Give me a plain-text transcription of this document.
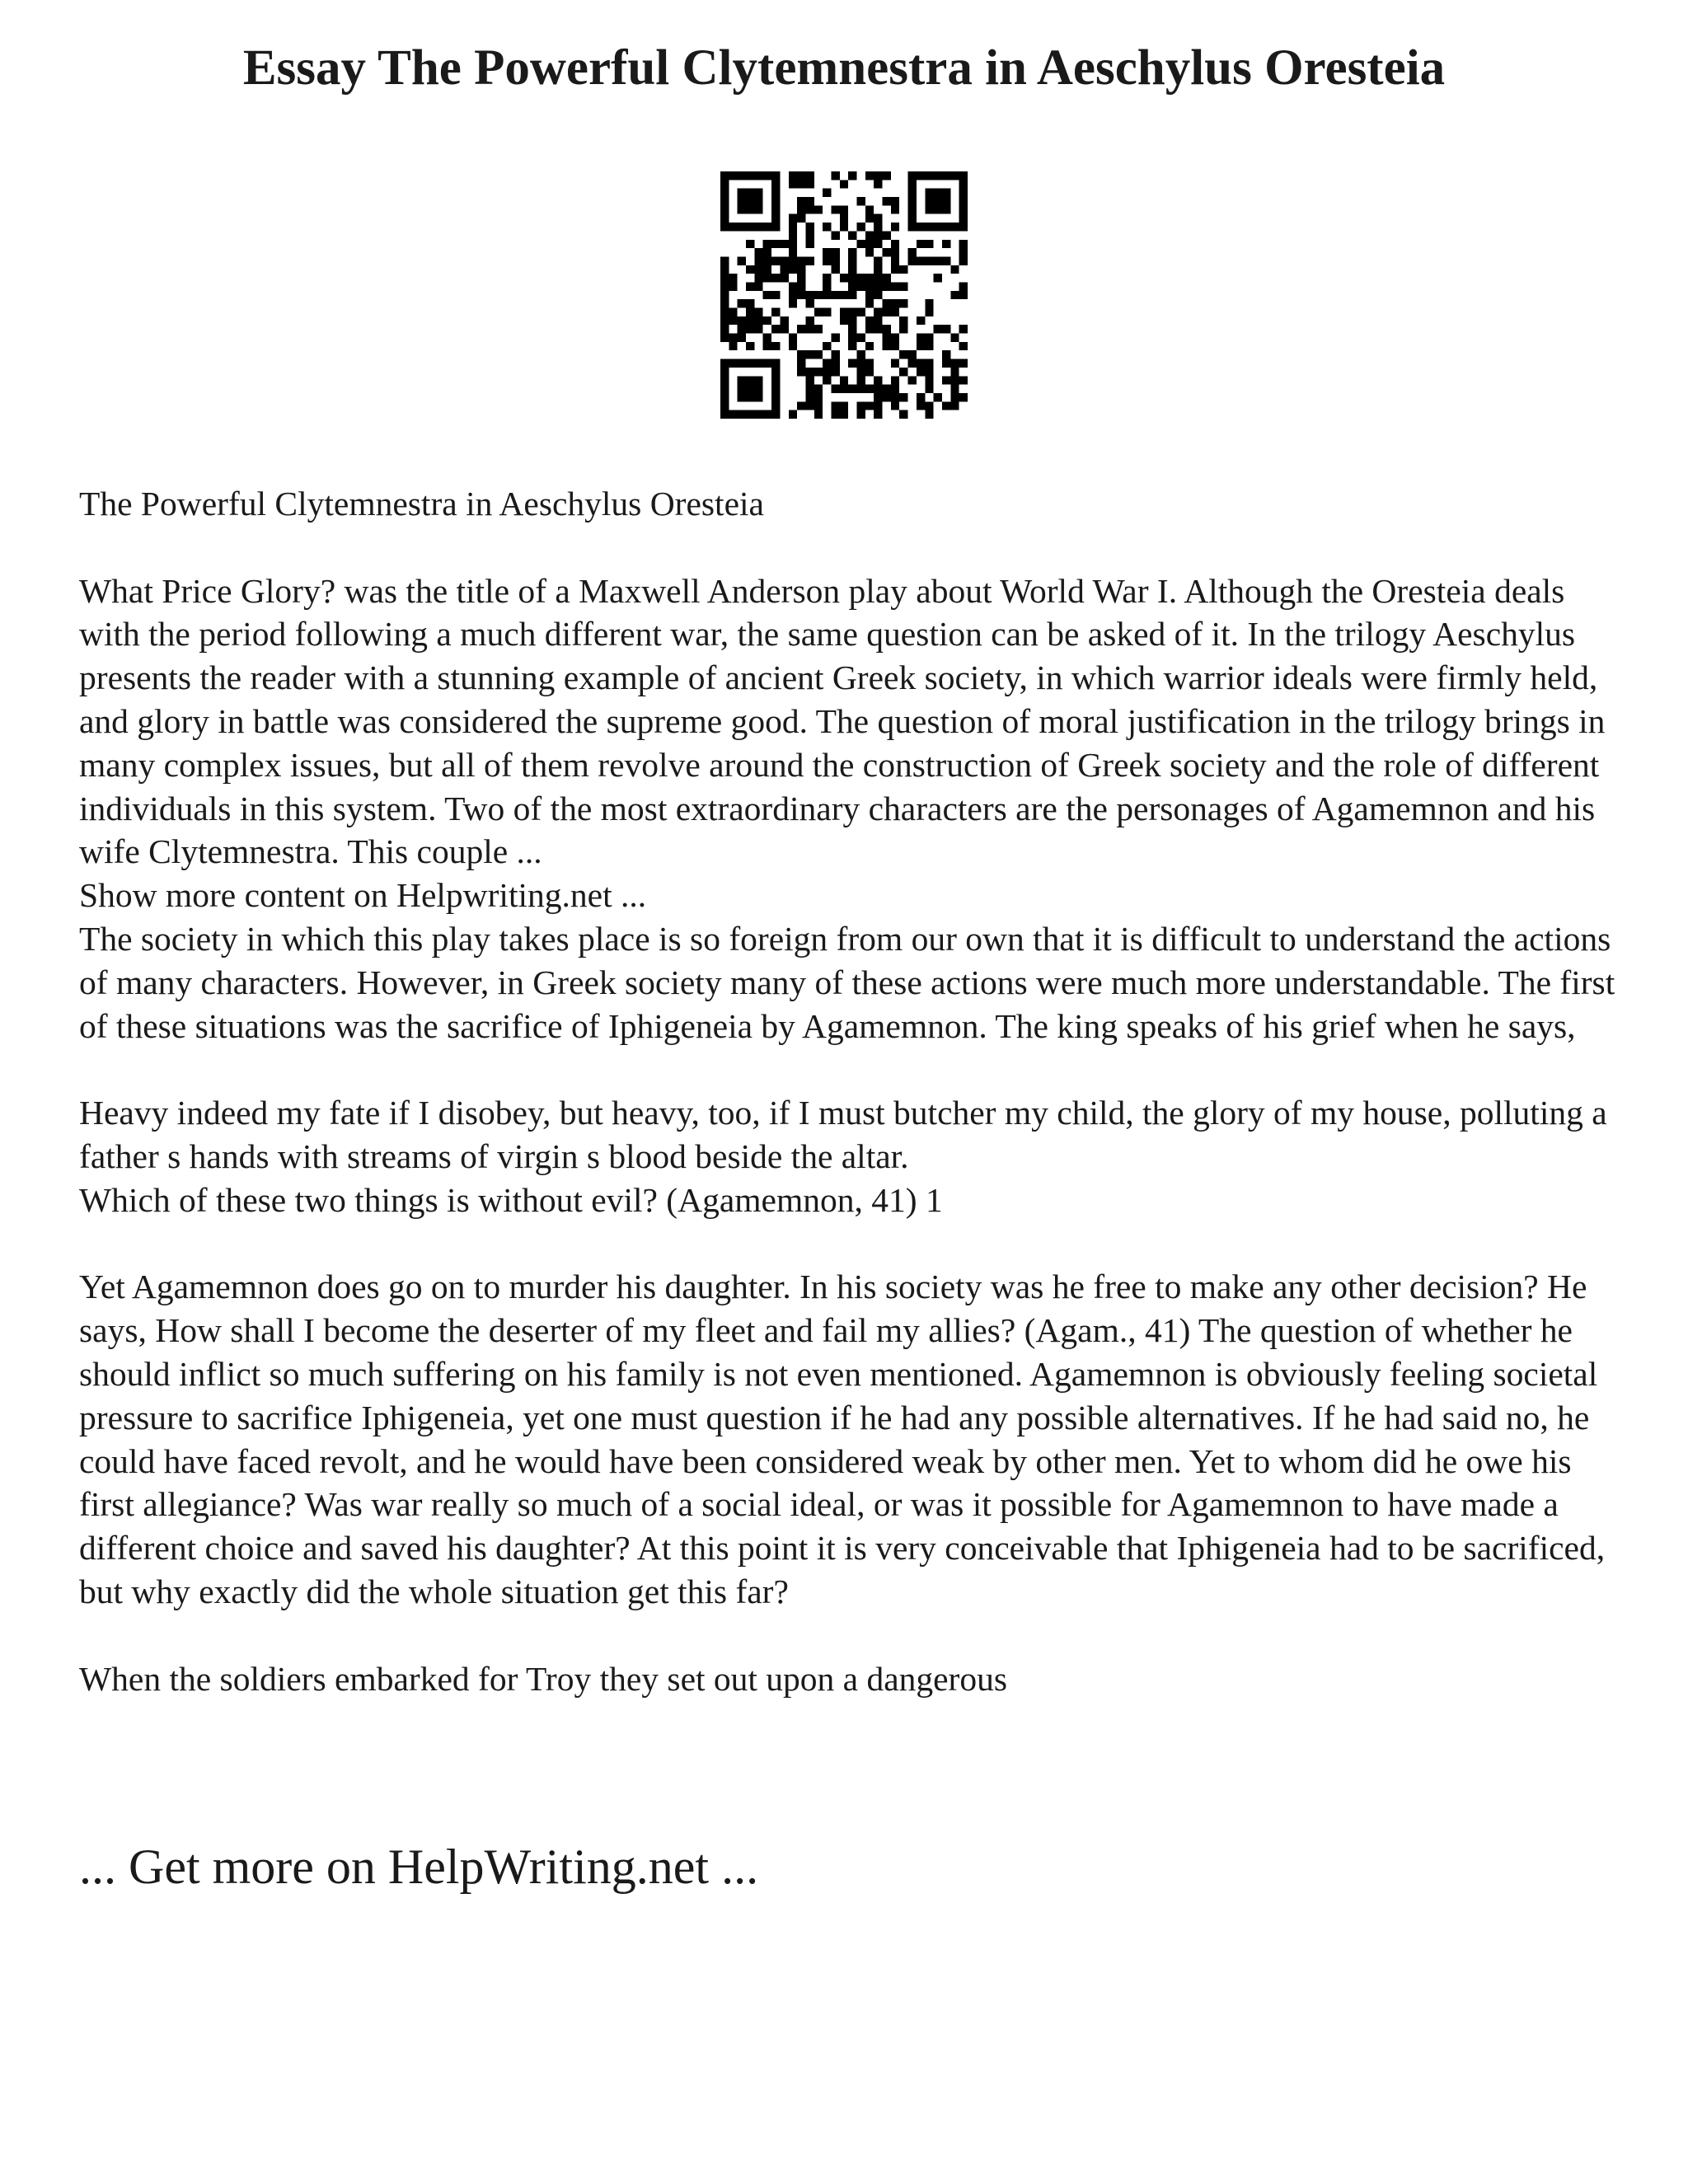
Essay The Powerful Clytemnestra in Aeschylus Oresteia

The Powerful Clytemnestra in Aeschylus Oresteia

What Price Glory? was the title of a Maxwell Anderson play about World War I. Although the Oresteia deals with the period following a much different war, the same question can be asked of it. In the trilogy Aeschylus presents the reader with a stunning example of ancient Greek society, in which warrior ideals were firmly held, and glory in battle was considered the supreme good. The question of moral justification in the trilogy brings in many complex issues, but all of them revolve around the construction of Greek society and the role of different individuals in this system. Two of the most extraordinary characters are the personages of Agamemnon and his wife Clytemnestra. This couple ...

Show more content on Helpwriting.net ...

The society in which this play takes place is so foreign from our own that it is difficult to understand the actions of many characters. However, in Greek society many of these actions were much more understandable. The first of these situations was the sacrifice of Iphigeneia by Agamemnon. The king speaks of his grief when he says,

Heavy indeed my fate if I disobey, but heavy, too, if I must butcher my child, the glory of my house, polluting a father s hands with streams of virgin s blood beside the altar.

Which of these two things is without evil? (Agamemnon, 41) 1

Yet Agamemnon does go on to murder his daughter. In his society was he free to make any other decision? He says, How shall I become the deserter of my fleet and fail my allies? (Agam., 41) The question of whether he should inflict so much suffering on his family is not even mentioned. Agamemnon is obviously feeling societal pressure to sacrifice Iphigeneia, yet one must question if he had any possible alternatives. If he had said no, he could have faced revolt, and he would have been considered weak by other men. Yet to whom did he owe his first allegiance? Was war really so much of a social ideal, or was it possible for Agamemnon to have made a different choice and saved his daughter? At this point it is very conceivable that Iphigeneia had to be sacrificed, but why exactly did the whole situation get this far?

When the soldiers embarked for Troy they set out upon a dangerous

... Get more on HelpWriting.net ...
